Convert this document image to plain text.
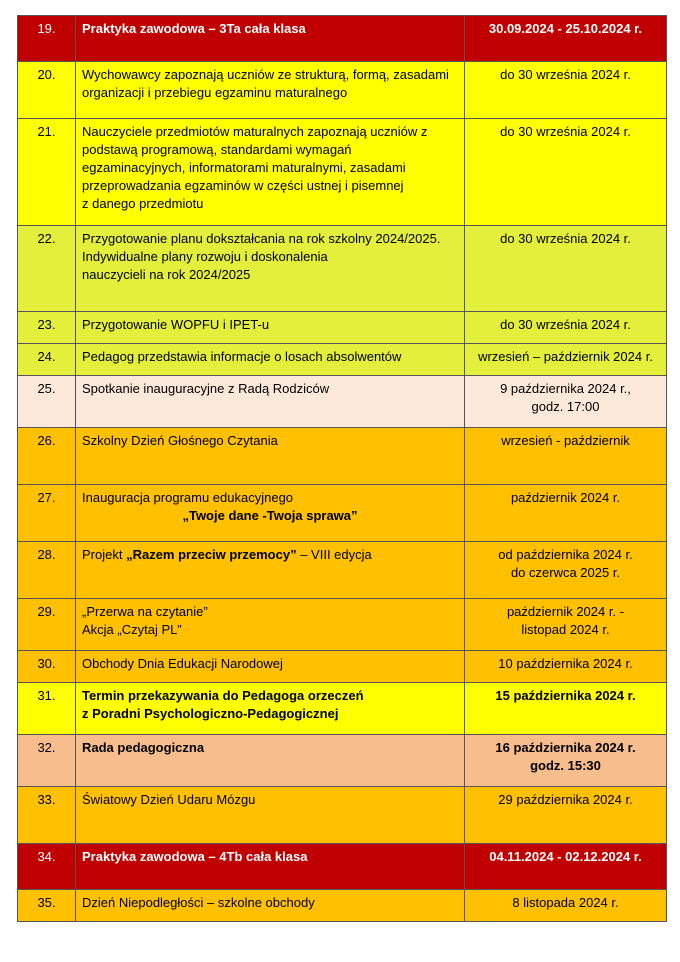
19.	Praktyka zawodowa – 3Ta cała klasa	30.09.2024 - 25.10.2024 r.

20.	Wychowawcy zapoznają uczniów ze strukturą, formą, zasadami
organizacji i przebiegu egzaminu maturalnego	do 30 września 2024 r.

21.	Nauczyciele przedmiotów maturalnych zapoznają uczniów z
podstawą programową, standardami wymagań
egzaminacyjnych, informatorami maturalnymi, zasadami
przeprowadzania egzaminów w części ustnej i pisemnej
z danego przedmiotu	do 30 września 2024 r.

22.	Przygotowanie planu dokształcania na rok szkolny 2024/2025.
Indywidualne plany rozwoju i doskonalenia
nauczycieli na rok 2024/2025	do 30 września 2024 r.

23.	Przygotowanie WOPFU i IPET-u	do 30 września 2024 r.

24.	Pedagog przedstawia informacje o losach absolwentów	wrzesień – październik 2024 r.

25.	Spotkanie inauguracyjne z Radą Rodziców	9 października 2024 r.,
godz. 17:00

26.	Szkolny Dzień Głośnego Czytania	wrzesień - październik

27.	Inauguracja programu edukacyjnego
„Twoje dane -Twoja sprawa”	październik 2024 r.

28.	Projekt „Razem przeciw przemocy” – VIII edycja	od października 2024 r.
do czerwca 2025 r.

29.	„Przerwa na czytanie”
Akcja „Czytaj PL”	październik 2024 r. -
listopad 2024 r.

30.	Obchody Dnia Edukacji Narodowej	10 października 2024 r.

31.	Termin przekazywania do Pedagoga orzeczeń
z Poradni Psychologiczno-Pedagogicznej	15 października 2024 r.

32.	Rada pedagogiczna	16 października 2024 r.
godz. 15:30

33.	Światowy Dzień Udaru Mózgu	29 października 2024 r.

34.	Praktyka zawodowa – 4Tb cała klasa	04.11.2024 - 02.12.2024 r.

35.	Dzień Niepodległości – szkolne obchody	8 listopada 2024 r.
